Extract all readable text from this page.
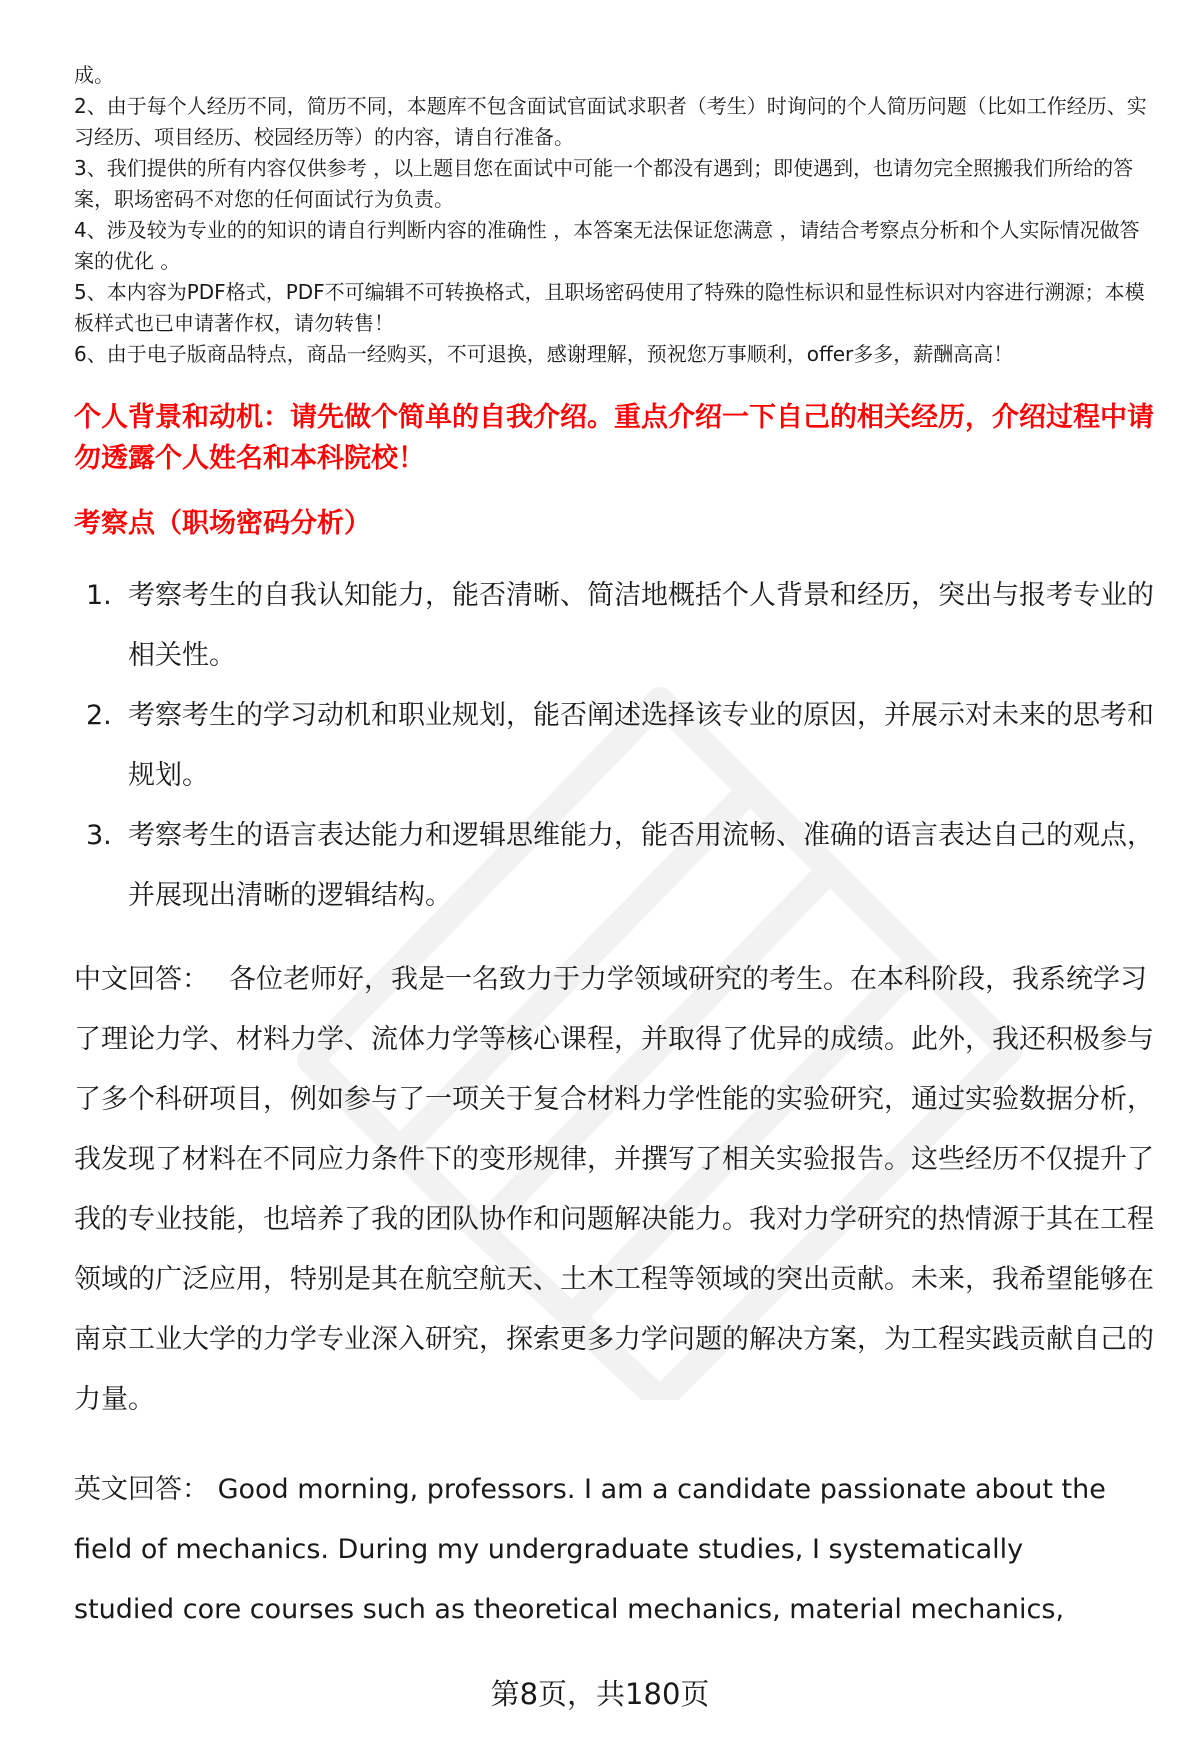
成。

2、由于每个人经历不同，简历不同，本题库不包含面试官面试求职者（考生）时询问的个人简历问题（比如工作经历、实习经历、项目经历、校园经历等）的内容，请自行准备。

3、我们提供的所有内容仅供参考 ，以上题目您在面试中可能一个都没有遇到；即使遇到，也请勿完全照搬我们所给的答案，职场密码不对您的任何面试行为负责。

4、涉及较为专业的的知识的请自行判断内容的准确性 ，本答案无法保证您满意 ，请结合考察点分析和个人实际情况做答案的优化 。

5、本内容为PDF格式，PDF不可编辑不可转换格式，且职场密码使用了特殊的隐性标识和显性标识对内容进行溯源；本模板样式也已申请著作权，请勿转售！

6、由于电子版商品特点，商品一经购买，不可退换，感谢理解，预祝您万事顺利，offer多多，薪酬高高！

个人背景和动机：请先做个简单的自我介绍。重点介绍一下自己的相关经历，介绍过程中请勿透露个人姓名和本科院校！
考察点（职场密码分析）
1. 考察考生的自我认知能力，能否清晰、简洁地概括个人背景和经历，突出与报考专业的相关性。
2. 考察考生的学习动机和职业规划，能否阐述选择该专业的原因，并展示对未来的思考和规划。
3. 考察考生的语言表达能力和逻辑思维能力，能否用流畅、准确的语言表达自己的观点，并展现出清晰的逻辑结构。

中文回答： 各位老师好，我是一名致力于力学领域研究的考生。在本科阶段，我系统学习了理论力学、材料力学、流体力学等核心课程，并取得了优异的成绩。此外，我还积极参与了多个科研项目，例如参与了一项关于复合材料力学性能的实验研究，通过实验数据分析，我发现了材料在不同应力条件下的变形规律，并撰写了相关实验报告。这些经历不仅提升了我的专业技能，也培养了我的团队协作和问题解决能力。我对力学研究的热情源于其在工程领域的广泛应用，特别是其在航空航天、土木工程等领域的突出贡献。未来，我希望能够在南京工业大学的力学专业深入研究，探索更多力学问题的解决方案，为工程实践贡献自己的力量。

英文回答： Good morning, professors. I am a candidate passionate about the field of mechanics. During my undergraduate studies, I systematically studied core courses such as theoretical mechanics, material mechanics,

第8页，共180页
